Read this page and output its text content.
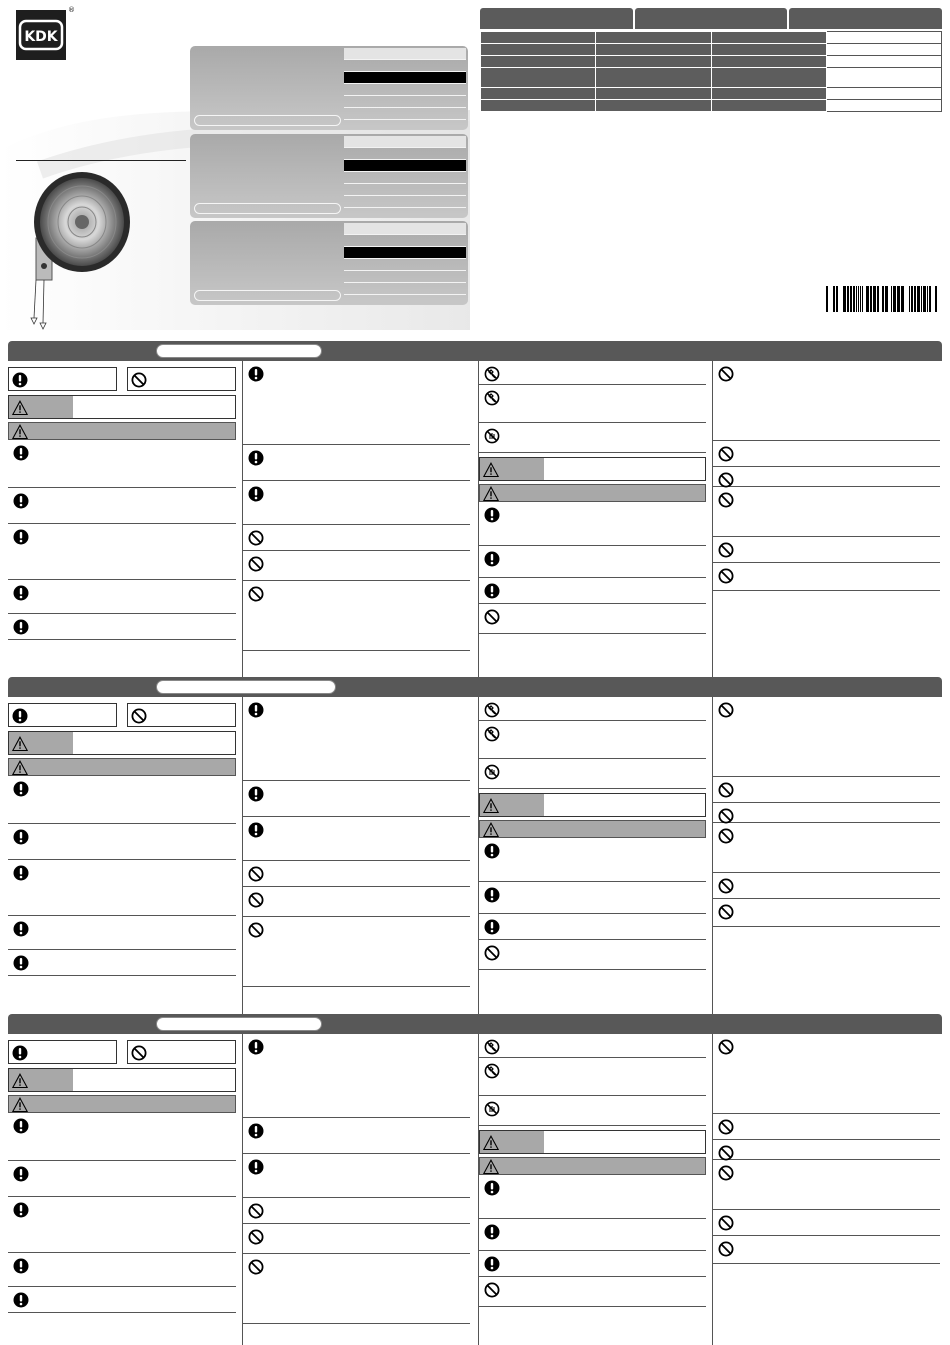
KDK
®
